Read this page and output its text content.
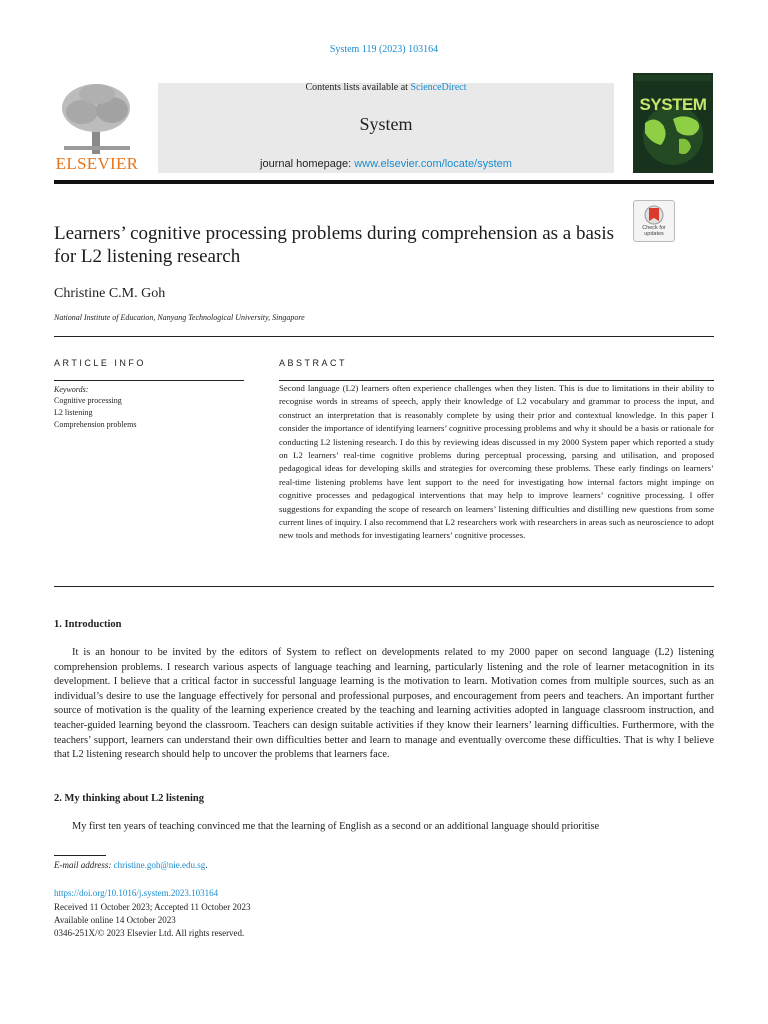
System 119 (2023) 103164
ELSEVIER
Contents lists available at ScienceDirect
System
journal homepage: www.elsevier.com/locate/system
SYSTEM
Check for updates
Learners’ cognitive processing problems during comprehension as a basis for L2 listening research
Christine C.M. Goh
National Institute of Education, Nanyang Technological University, Singapore
ARTICLE INFO	ABSTRACT
Keywords:
Cognitive processing
L2 listening
Comprehension problems
Second language (L2) learners often experience challenges when they listen. This is due to limitations in their ability to recognise words in streams of speech, apply their knowledge of L2 vocabulary and grammar to process the input, and construct an interpretation that is reasonably complete by using their prior and contextual knowledge. In this paper I consider the importance of identifying learners’ cognitive processing problems and why it should be a basis or rationale for conducting L2 listening research. I do this by reviewing ideas discussed in my 2000 System paper which reported a study on L2 learners’ real-time cognitive problems during perceptual processing, parsing and utilisation, and proposed pedagogical ideas for developing skills and strategies for overcoming these problems. These early findings on learners’ real-time listening problems have lent support to the need for investigating how internal factors might impinge on cognitive processes and pedagogical interventions that may help to improve learners’ cognitive processing. I offer suggestions for expanding the scope of research on learners’ listening difficulties and distilling new questions from some current lines of inquiry. I also recommend that L2 researchers work with researchers in areas such as neuroscience to adopt new tools and methods for investigating learners’ cognitive processes.
1. Introduction
It is an honour to be invited by the editors of System to reflect on developments related to my 2000 paper on second language (L2) listening comprehension problems. I research various aspects of language teaching and learning, particularly listening and the role of learner metacognition in its development. I believe that a critical factor in successful language learning is the motivation to learn. Motivation comes from multiple sources, such as an individual’s desire to use the language effectively for personal and professional purposes, and encouragement from peers and teachers. An important further source of motivation is the quality of the learning experience created by the teaching and learning activities adopted in language classroom instruction, and teacher-guided learning beyond the classroom. Teachers can design suitable activities if they know their learners’ learning difficulties. Furthermore, with the teachers’ support, learners can understand their own difficulties better and learn to manage and eventually overcome these difficulties. That is why I believe that L2 listening research should help to uncover the problems that learners face.
2. My thinking about L2 listening
My first ten years of teaching convinced me that the learning of English as a second or an additional language should prioritise
E-mail address: christine.goh@nie.edu.sg.
https://doi.org/10.1016/j.system.2023.103164
Received 11 October 2023; Accepted 11 October 2023
Available online 14 October 2023
0346-251X/© 2023 Elsevier Ltd. All rights reserved.
